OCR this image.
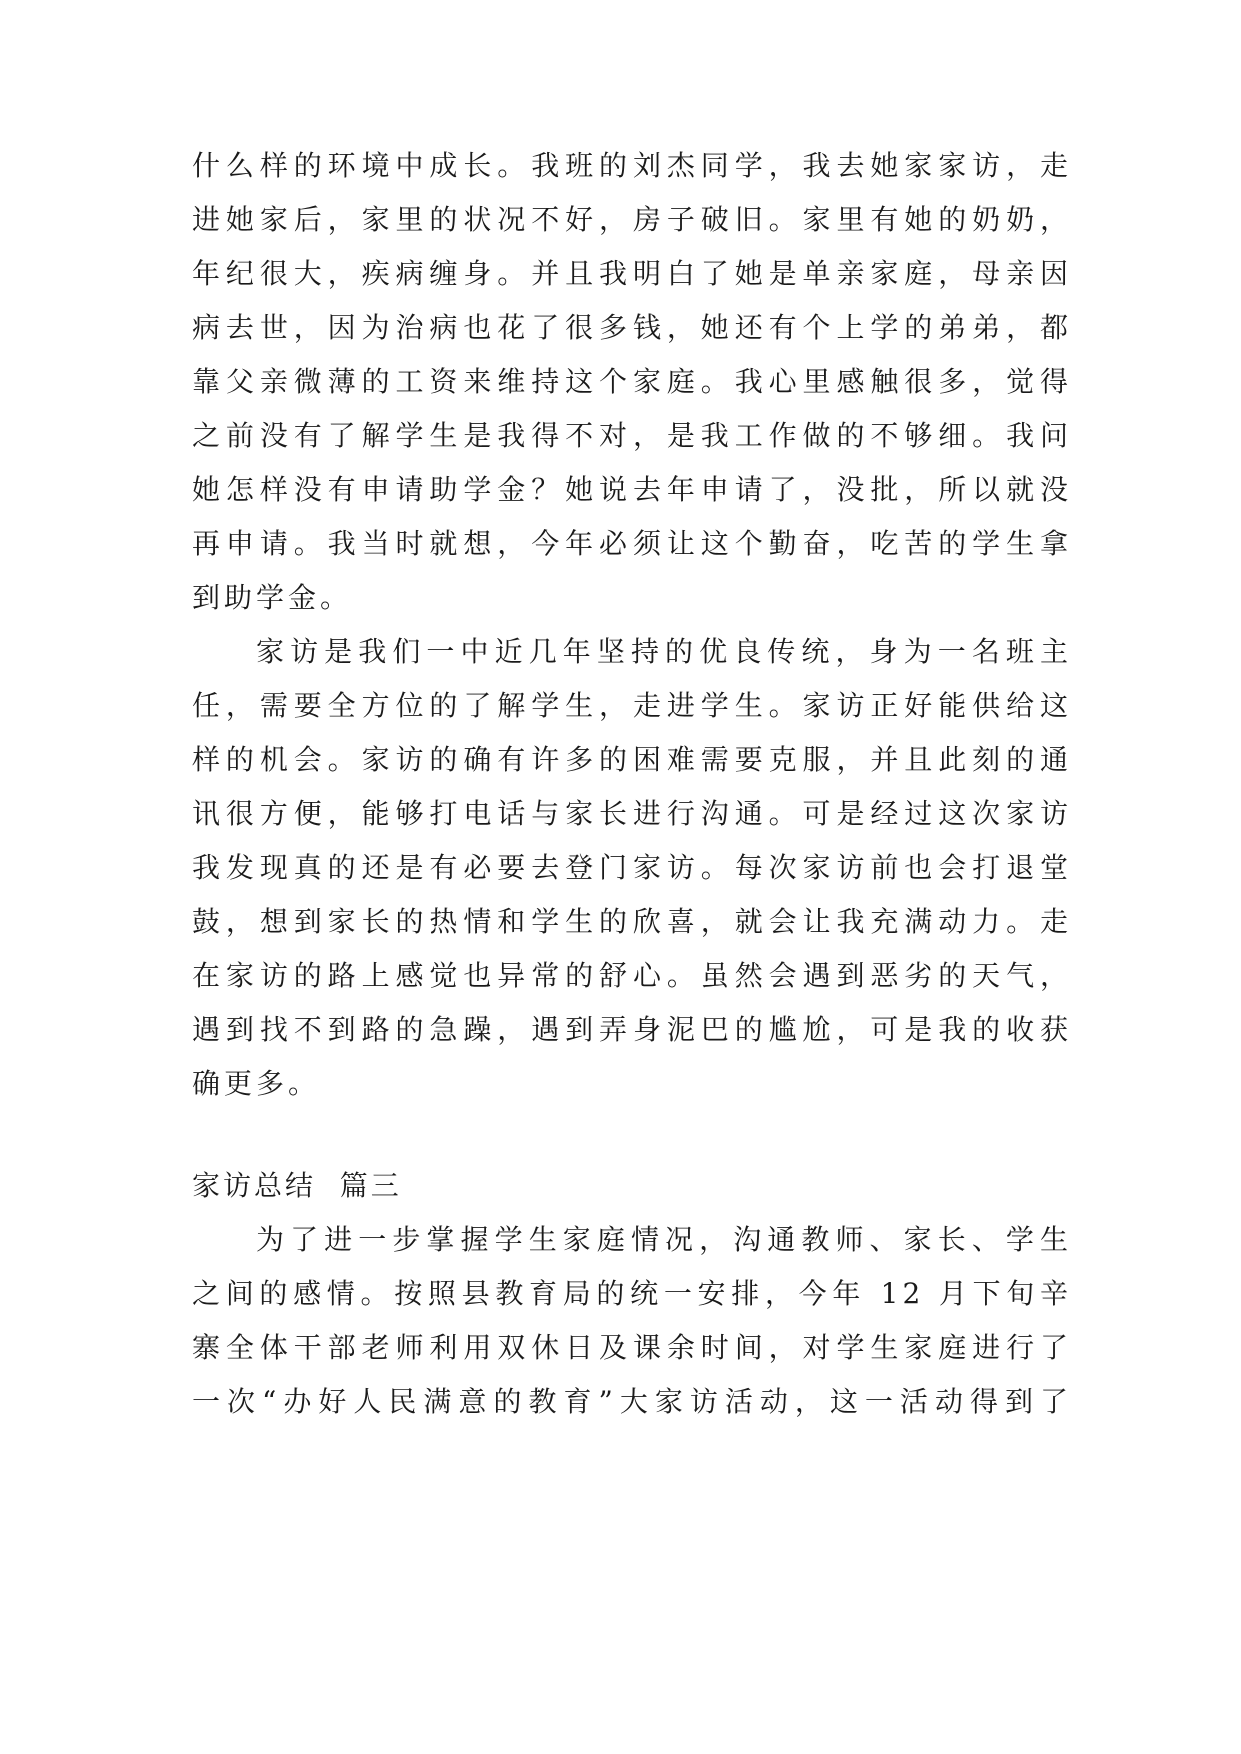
什么样的环境中成长。我班的刘杰同学，我去她家家访，走
进她家后，家里的状况不好，房子破旧。家里有她的奶奶，
年纪很大，疾病缠身。并且我明白了她是单亲家庭，母亲因
病去世，因为治病也花了很多钱，她还有个上学的弟弟，都
靠父亲微薄的工资来维持这个家庭。我心里感触很多，觉得
之前没有了解学生是我得不对，是我工作做的不够细。我问
她怎样没有申请助学金？她说去年申请了，没批，所以就没
再申请。我当时就想，今年必须让这个勤奋，吃苦的学生拿
到助学金。
家访是我们一中近几年坚持的优良传统，身为一名班主
任，需要全方位的了解学生，走进学生。家访正好能供给这
样的机会。家访的确有许多的困难需要克服，并且此刻的通
讯很方便，能够打电话与家长进行沟通。可是经过这次家访
我发现真的还是有必要去登门家访。每次家访前也会打退堂
鼓，想到家长的热情和学生的欣喜，就会让我充满动力。走
在家访的路上感觉也异常的舒心。虽然会遇到恶劣的天气，
遇到找不到路的急躁，遇到弄身泥巴的尴尬，可是我的收获
确更多。
家访总结  篇三
为了进一步掌握学生家庭情况，沟通教师、家长、学生
之间的感情。按照县教育局的统一安排，今年 12 月下旬辛
寨全体干部老师利用双休日及课余时间，对学生家庭进行了
一次“办好人民满意的教育”大家访活动，这一活动得到了
